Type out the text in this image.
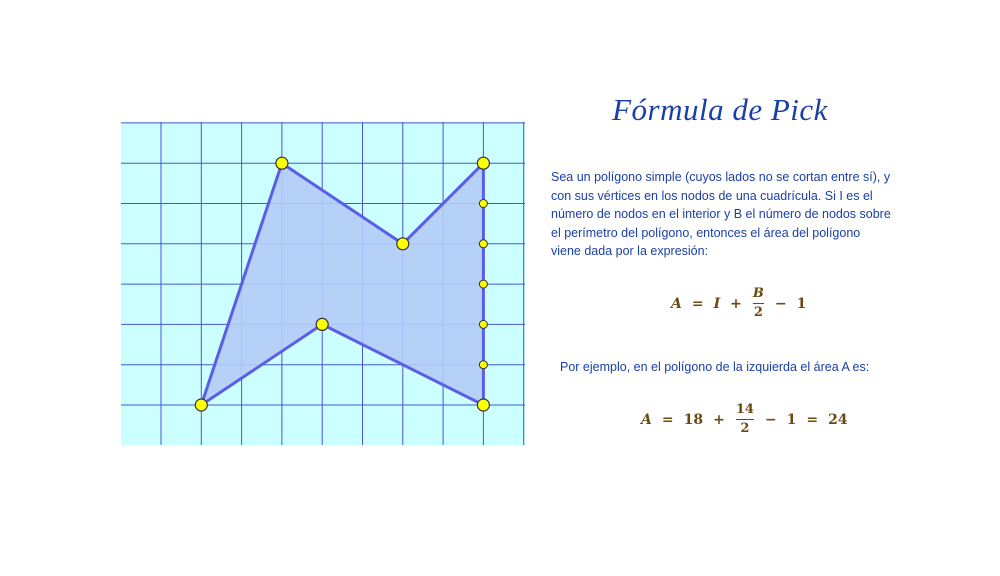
Fórmula de Pick
Sea un polígono simple (cuyos lados no se cortan entre sí), y con sus vértices en los nodos de una cuadrícula. Si I es el número de nodos en el interior y B el número de nodos sobre el perímetro del polígono, entonces el área del polígono viene dada por la expresión:
$A = I + \frac{B}{2} - 1$
Por ejemplo, en el polígono de la izquierda el área A es:
$A = 18 + \frac{14}{2} - 1 = 24$
